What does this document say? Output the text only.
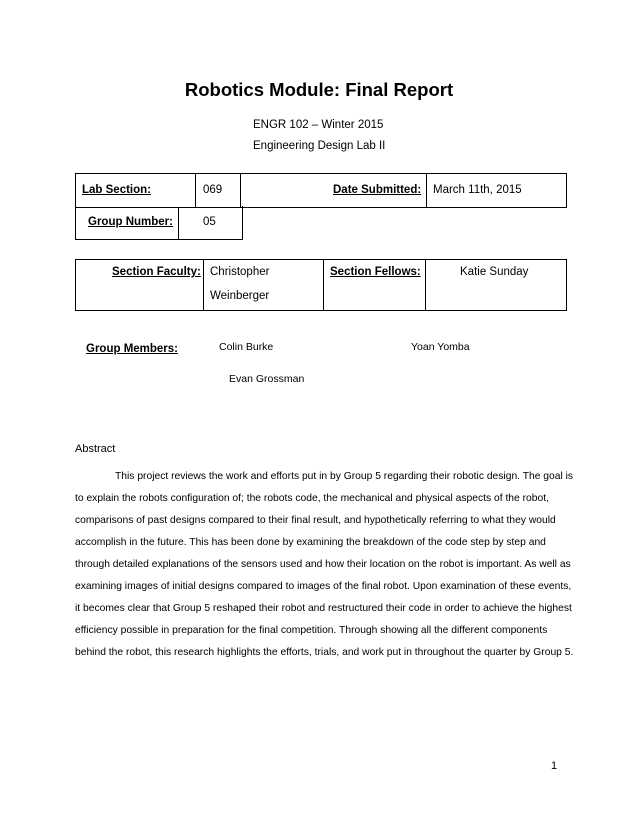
Robotics Module: Final Report
ENGR 102 – Winter 2015
Engineering Design Lab II
Lab Section:	069	Date Submitted: March 11th, 2015
Group Number:	05
Section Faculty: Christopher
Weinberger
Section Fellows:	Katie Sunday
Group Members:	Colin Burke	Yoan Yomba
Evan Grossman
Abstract

This project reviews the work and efforts put in by Group 5 regarding their robotic design. The goal is to explain the robots configuration of; the robots code, the mechanical and physical aspects of the robot, comparisons of past designs compared to their final result, and hypothetically referring to what they would accomplish in the future. This has been done by examining the breakdown of the code step by step and through detailed explanations of the sensors used and how their location on the robot is important. As well as examining images of initial designs compared to images of the final robot. Upon examination of these events, it becomes clear that Group 5 reshaped their robot and restructured their code in order to achieve the highest efficiency possible in preparation for the final competition. Through showing all the different components behind the robot, this research highlights the efforts, trials, and work put in throughout the quarter by Group 5.

1
